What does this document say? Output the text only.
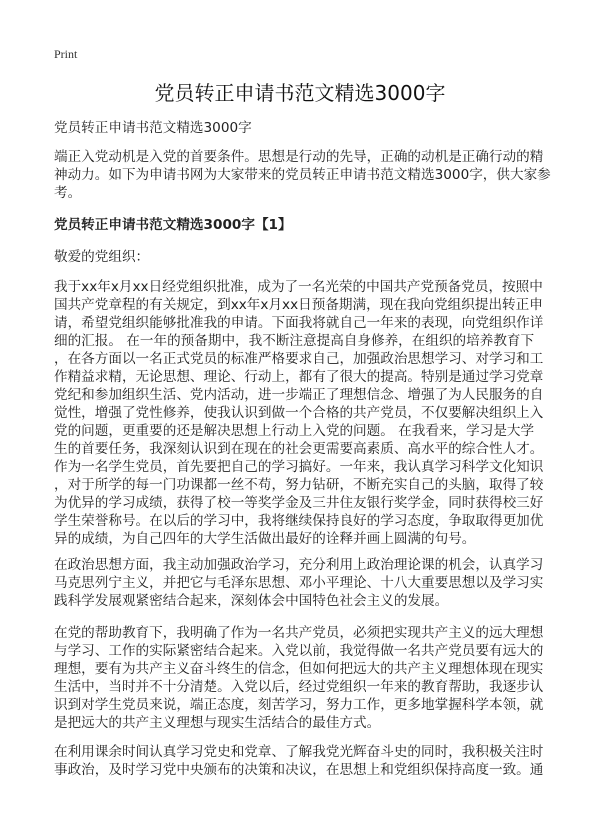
Print
党员转正申请书范文精选3000字
党员转正申请书范文精选3000字
端正入党动机是入党的首要条件。思想是行动的先导，正确的动机是正确行动的精
神动力。如下为申请书网为大家带来的党员转正申请书范文精选3000字，供大家参
考。
党员转正申请书范文精选3000字【1】
敬爱的党组织：
我于xx年x月xx日经党组织批准，成为了一名光荣的中国共产党预备党员，按照中
国共产党章程的有关规定，到xx年x月xx日预备期满，现在我向党组织提出转正申
请，希望党组织能够批准我的申请。下面我将就自己一年来的表现，向党组织作详
细的汇报。 在一年的预备期中，我不断注意提高自身修养，在组织的培养教育下
，在各方面以一名正式党员的标准严格要求自己，加强政治思想学习、对学习和工
作精益求精，无论思想、理论、行动上，都有了很大的提高。特别是通过学习党章
党纪和参加组织生活、党内活动，进一步端正了理想信念、增强了为人民服务的自
觉性，增强了党性修养，使我认识到做一个合格的共产党员，不仅要解决组织上入
党的问题，更重要的还是解决思想上行动上入党的问题。 在我看来，学习是大学
生的首要任务，我深刻认识到在现在的社会更需要高素质、高水平的综合性人才。
作为一名学生党员，首先要把自己的学习搞好。一年来，我认真学习科学文化知识
，对于所学的每一门功课都一丝不苟，努力钻研，不断充实自己的头脑，取得了较
为优异的学习成绩，获得了校一等奖学金及三井住友银行奖学金，同时获得校三好
学生荣誉称号。在以后的学习中，我将继续保持良好的学习态度，争取取得更加优
异的成绩，为自己四年的大学生活做出最好的诠释并画上圆满的句号。
在政治思想方面，我主动加强政治学习，充分利用上政治理论课的机会，认真学习
马克思列宁主义，并把它与毛泽东思想、邓小平理论、十八大重要思想以及学习实
践科学发展观紧密结合起来，深刻体会中国特色社会主义的发展。
在党的帮助教育下，我明确了作为一名共产党员，必须把实现共产主义的远大理想
与学习、工作的实际紧密结合起来。入党以前，我觉得做一名共产党员要有远大的
理想，要有为共产主义奋斗终生的信念，但如何把远大的共产主义理想体现在现实
生活中，当时并不十分清楚。入党以后，经过党组织一年来的教育帮助，我逐步认
识到对学生党员来说，端正态度，刻苦学习，努力工作，更多地掌握科学本领，就
是把远大的共产主义理想与现实生活结合的最佳方式。
在利用课余时间认真学习党史和党章、了解我党光辉奋斗史的同时，我积极关注时
事政治，及时学习党中央颁布的决策和决议，在思想上和党组织保持高度一致。通
